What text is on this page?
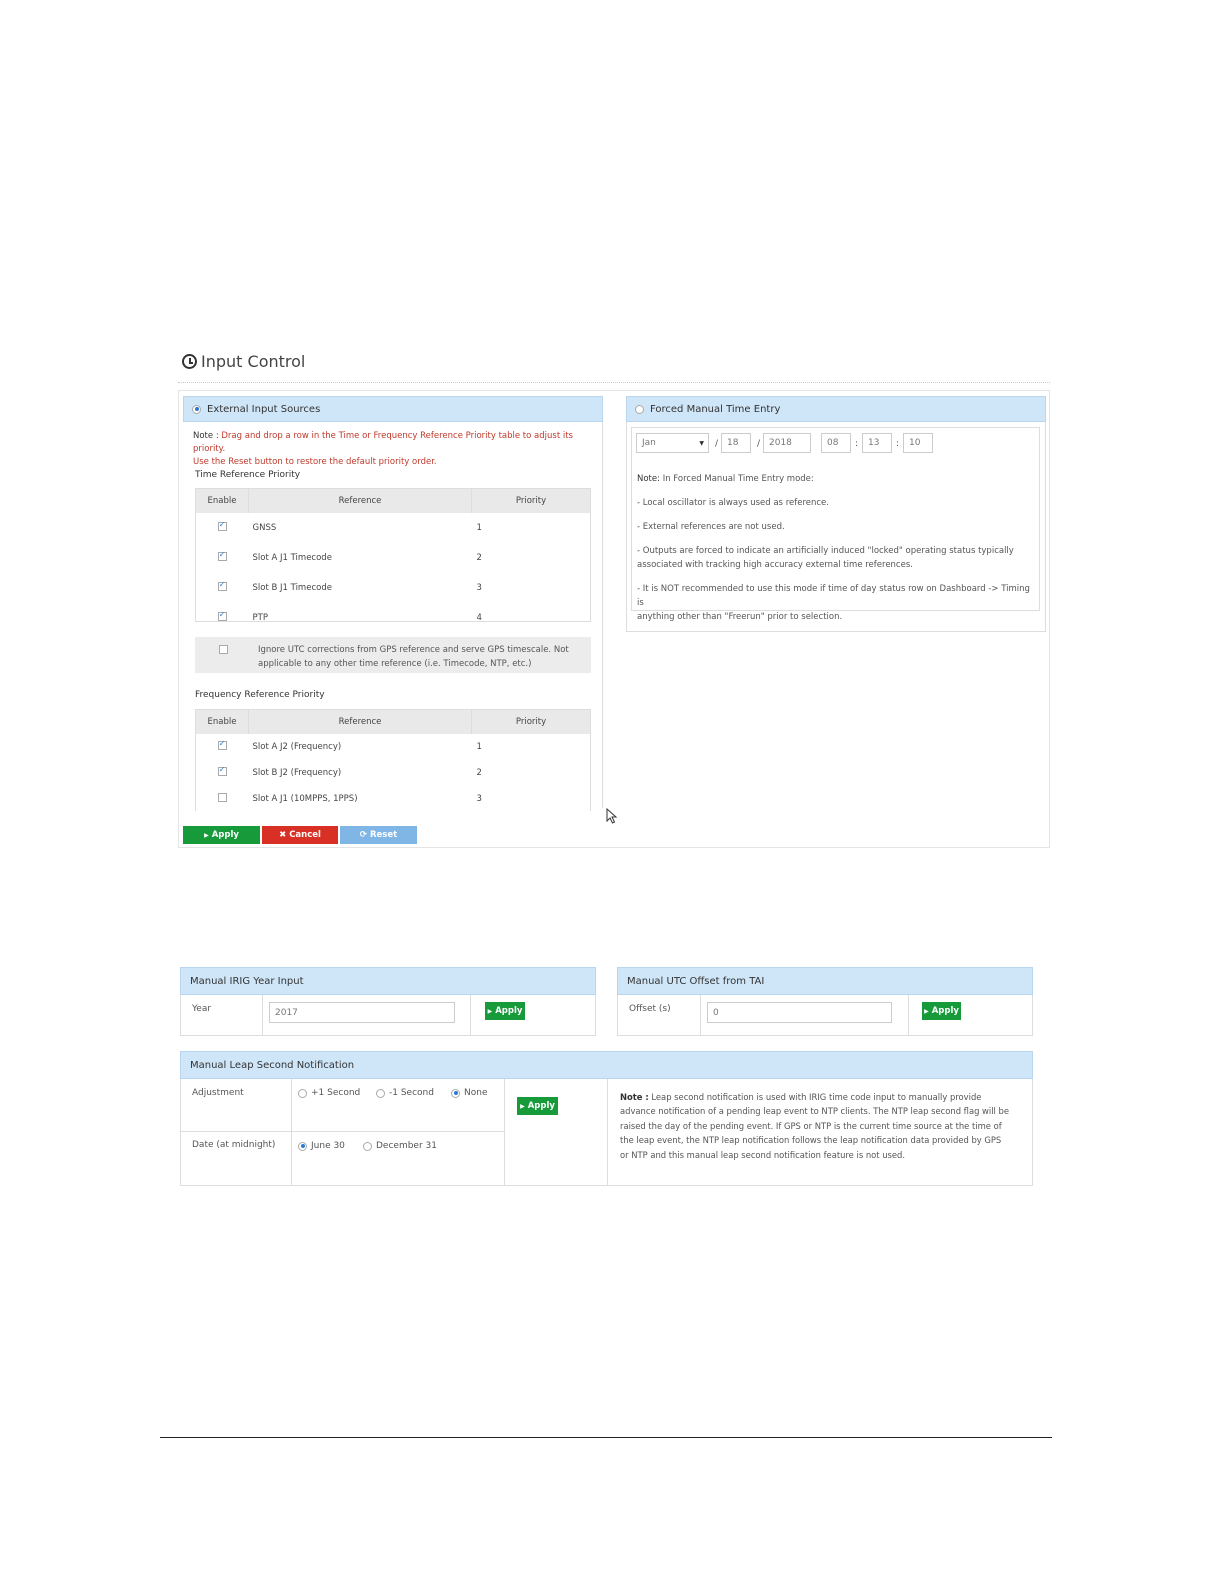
Input Control
External Input Sources
Note : Drag and drop a row in the Time or Frequency Reference Priority table to adjust its priority.
Use the Reset button to restore the default priority order.
Time Reference Priority
Enable	Reference	Priority
✓	GNSS	1
✓	Slot A J1 Timecode	2
✓	Slot B J1 Timecode	3
✓	PTP	4
Ignore UTC corrections from GPS reference and serve GPS timescale. Not
applicable to any other time reference (i.e. Timecode, NTP, etc.)
Frequency Reference Priority
Enable	Reference	Priority
✓	Slot A J2 (Frequency)	1
✓	Slot B J2 (Frequency)	2
	Slot A J1 (10MPPS, 1PPS)	3
▶ Apply	✖ Cancel	⟳ Reset
Forced Manual Time Entry
Jan	▼ / 18	/ 2018	08	:	13	:	10
Note: In Forced Manual Time Entry mode:
- Local oscillator is always used as reference.
- External references are not used.
- Outputs are forced to indicate an artificially induced "locked" operating status typically
associated with tracking high accuracy external time references.
- It is NOT recommended to use this mode if time of day status row on Dashboard -> Timing is
anything other than "Freerun" prior to selection.
Manual IRIG Year Input
Year	2017	▶ Apply
Manual UTC Offset from TAI
Offset (s)	0	▶ Apply
Manual Leap Second Notification
Adjustment	+1 Second	-1 Second	None
Date (at midnight)	June 30	December 31
▶ Apply
Note : Leap second notification is used with IRIG time code input to manually provide
advance notification of a pending leap event to NTP clients. The NTP leap second flag will be
raised the day of the pending event. If GPS or NTP is the current time source at the time of
the leap event, the NTP leap notification follows the leap notification data provided by GPS
or NTP and this manual leap second notification feature is not used.
